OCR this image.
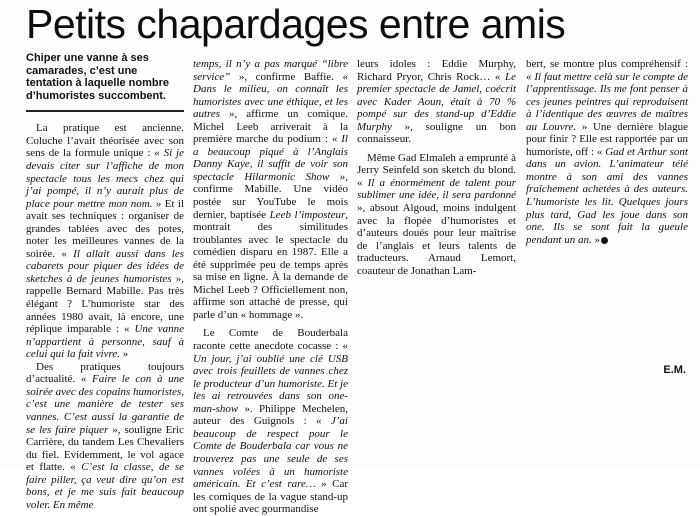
Petits chapardages entre amis

Chiper une vanne à ses camarades, c’est une tentation à laquelle nombre d’humoristes succombent.

La pratique est ancienne. Coluche l’avait théorisée avec son sens de la formule unique : « Si je devais citer sur l’affiche de mon spectacle tous les mecs chez qui j’ai pompé, il n’y aurait plus de place pour mettre mon nom. » Et il avait ses techniques : organiser de grandes tablées avec des potes, noter les meilleures vannes de la soirée. « Il allait aussi dans les cabarets pour piquer des idées de sketches à de jeunes humoristes », rappelle Bernard Mabille. Pas très élégant ? L’humoriste star des années 1980 avait, là encore, une réplique imparable : « Une vanne n’appartient à personne, sauf à celui qui la fait vivre. »

Des pratiques toujours d’actualité. « Faire le con à une soirée avec des copains humoristes, c’est une manière de tester ses vannes. C’est aussi la garantie de se les faire piquer », souligne Eric Carrière, du tandem Les Chevaliers du fiel. Evidemment, le vol agace et flatte. « C’est la classe, de se faire piller, ça veut dire qu’on est bons, et je me suis fait beaucoup voler. En même

temps, il n’y a pas marqué “libre service” », confirme Baffie. « Dans le milieu, on connaît les humoristes avec une éthique, et les autres », affirme un comique. Michel Leeb arriverait à la première marche du podium : « Il a beaucoup piqué à l’Anglais Danny Kaye, il suffit de voir son spectacle Hilarmonic Show », confirme Mabille. Une vidéo postée sur YouTube le mois dernier, baptisée Leeb l’imposteur, montrait des similitudes troublantes avec le spectacle du comédien disparu en 1987. Elle a été supprimée peu de temps après sa mise en ligne. À la demande de Michel Leeb ? Officiellement non, affirme son attaché de presse, qui parle d’un « hommage ».

Le Comte de Bouderbala raconte cette anecdote cocasse : « Un jour, j’ai oublié une clé USB avec trois feuillets de vannes chez le producteur d’un humoriste. Et je les ai retrouvées dans son one-man-show ». Philippe Mechelen, auteur des Guignols : « J’ai beaucoup de respect pour le Comte de Bouderbala car vous ne trouverez pas une seule de ses vannes volées à un humoriste américain. Et c’est rare… » Car les comiques de la vague stand-up ont spolié avec gourmandise

leurs idoles : Eddie Murphy, Richard Pryor, Chris Rock… « Le premier spectacle de Jamel, coécrit avec Kader Aoun, était à 70 % pompé sur des stand-up d’Eddie Murphy », souligne un bon connaisseur.

Même Gad Elmaleh a emprunté à Jerry Seinfeld son sketch du blond. « Il a énormément de talent pour sublimer une idée, il sera pardonné », absout Algoud, moins indulgent avec la flopée d’humoristes et d’auteurs doués pour leur maîtrise de l’anglais et leurs talents de traducteurs. Arnaud Lemort, coauteur de Jonathan Lam-

bert, se montre plus compréhensif : « Il faut mettre celà sur le compte de l’apprentissage. Ils me font penser à ces jeunes peintres qui reproduisent à l’identique des œuvres de maîtres au Louvre. » Une dernière blague pour finir ? Elle est rapportée par un humoriste, off : « Gad et Arthur sont dans un avion. L’animateur télé montre à son ami des vannes fraîchement achetées à des auteurs. L’humoriste les lit. Quelques jours plus tard, Gad les joue dans son one. Ils se sont fait la gueule pendant un an. »

E.M.
